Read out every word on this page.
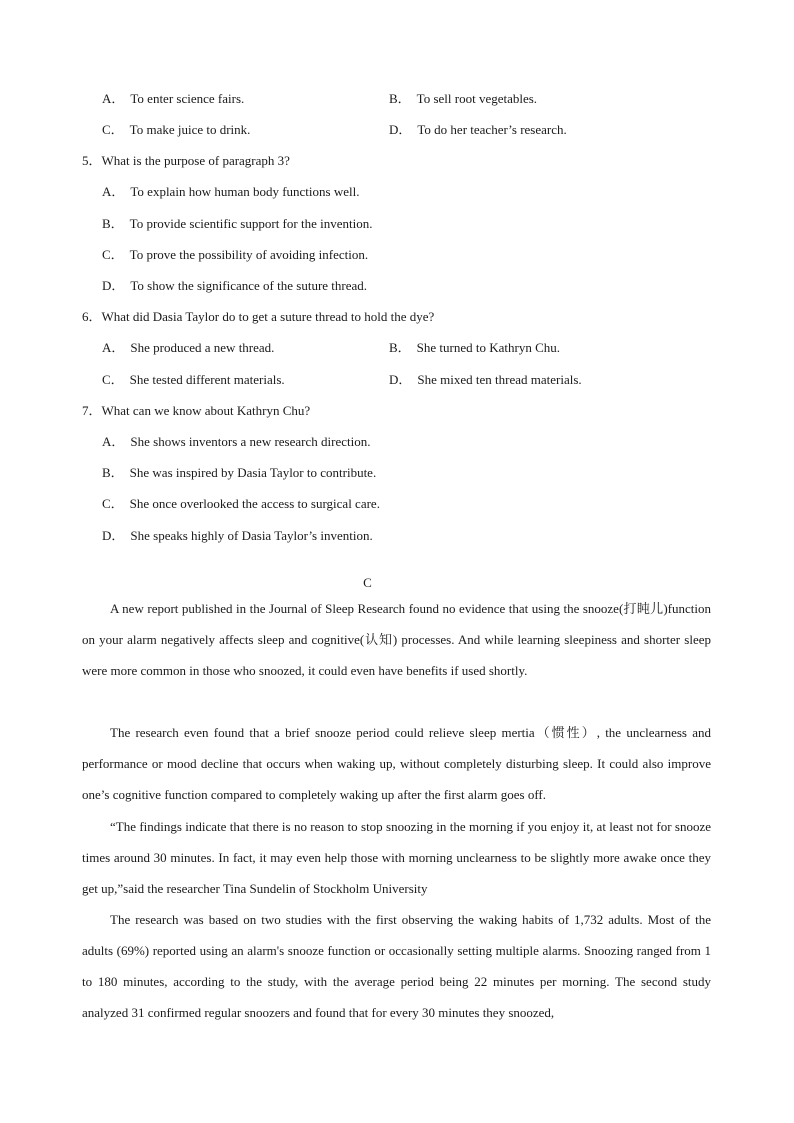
A． To enter science fairs.	B． To sell root vegetables.
C． To make juice to drink.	D． To do her teacher’s research.
5．What is the purpose of paragraph 3?
A． To explain how human body functions well.
B． To provide scientific support for the invention.
C． To prove the possibility of avoiding infection.
D． To show the significance of the suture thread.
6．What did Dasia Taylor do to get a suture thread to hold the dye?
A． She produced a new thread.	B． She turned to Kathryn Chu.
C． She tested different materials.	D． She mixed ten thread materials.
7．What can we know about Kathryn Chu?
A． She shows inventors a new research direction.
B． She was inspired by Dasia Taylor to contribute.
C． She once overlooked the access to surgical care.
D． She speaks highly of Dasia Taylor’s invention.
C
A new report published in the Journal of Sleep Research found no evidence that using the snooze(打盹儿)function on your alarm negatively affects sleep and cognitive(认知) processes. And while learning sleepiness and shorter sleep were more common in those who snoozed, it could even have benefits if used shortly.
The research even found that a brief snooze period could relieve sleep mertia（惯性）, the unclearness and performance or mood decline that occurs when waking up, without completely disturbing sleep. It could also improve one’s cognitive function compared to completely waking up after the first alarm goes off.
“The findings indicate that there is no reason to stop snoozing in the morning if you enjoy it, at least not for snooze times around 30 minutes. In fact, it may even help those with morning unclearness to be slightly more awake once they get up,”said the researcher Tina Sundelin of Stockholm University
The research was based on two studies with the first observing the waking habits of 1,732 adults. Most of the adults (69%) reported using an alarm's snooze function or occasionally setting multiple alarms. Snoozing ranged from 1 to 180 minutes, according to the study, with the average period being 22 minutes per morning. The second study analyzed 31 confirmed regular snoozers and found that for every 30 minutes they snoozed,
